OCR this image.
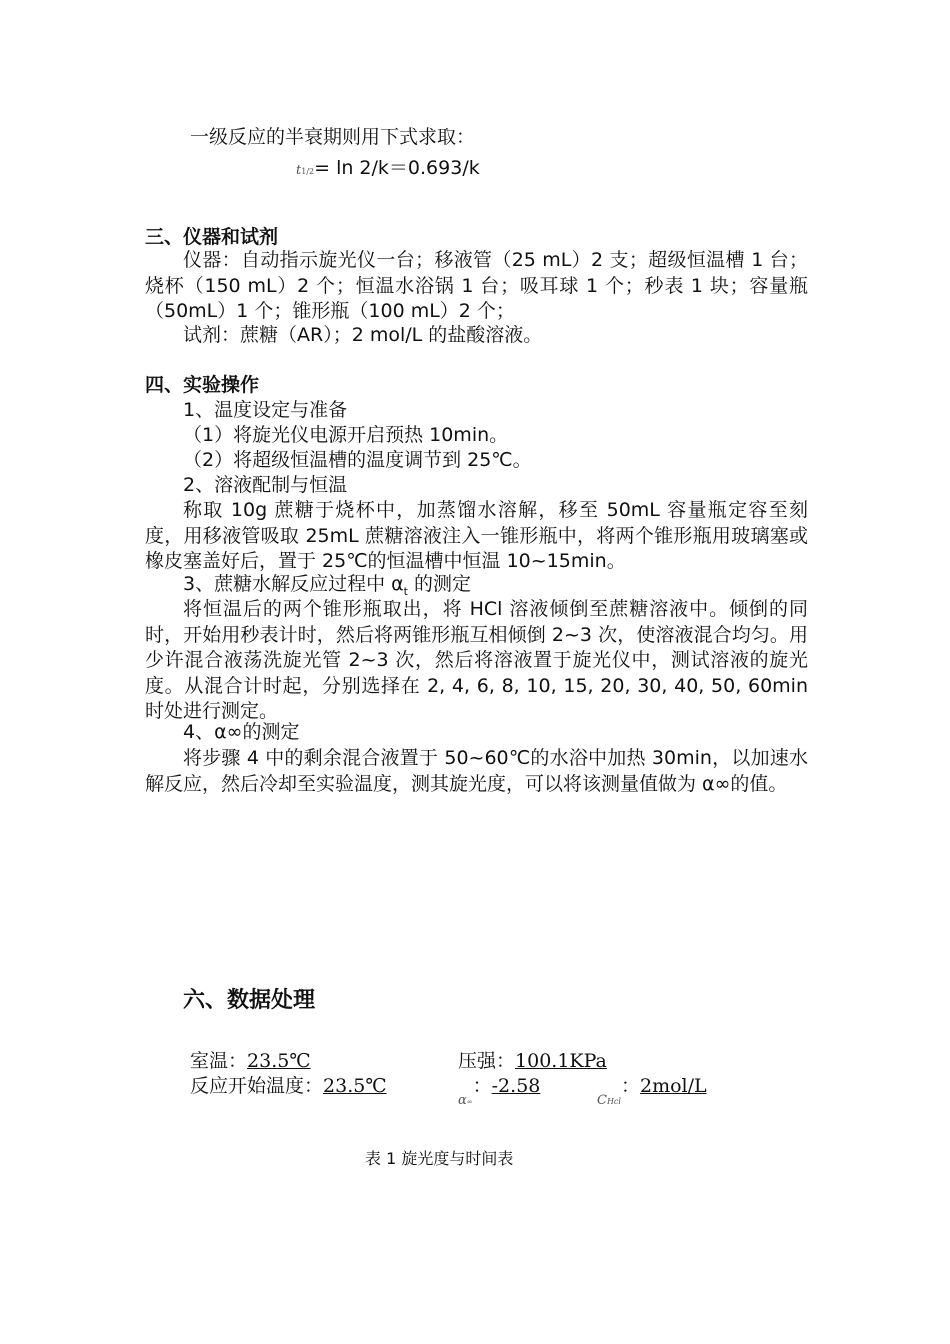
一级反应的半衰期则用下式求取：
t1/2= ln 2/k＝0.693/k
三、仪器和试剂
仪器：自动指示旋光仪一台；移液管（25 mL）2 支；超级恒温槽 1 台；烧杯（150 mL）2 个；恒温水浴锅 1 台；吸耳球 1 个；秒表 1 块；容量瓶（50mL）1 个；锥形瓶（100 mL）2 个；
试剂：蔗糖（AR）；2 mol/L 的盐酸溶液。
四、实验操作
1、温度设定与准备
（1）将旋光仪电源开启预热 10min。
（2）将超级恒温槽的温度调节到 25℃。
2、溶液配制与恒温
称取 10g 蔗糖于烧杯中，加蒸馏水溶解，移至 50mL 容量瓶定容至刻度，用移液管吸取 25mL 蔗糖溶液注入一锥形瓶中，将两个锥形瓶用玻璃塞或橡皮塞盖好后，置于 25℃的恒温槽中恒温 10~15min。
3、蔗糖水解反应过程中 $\alpha_t$ 的测定
将恒温后的两个锥形瓶取出，将 HCl 溶液倾倒至蔗糖溶液中。倾倒的同时，开始用秒表计时，然后将两锥形瓶互相倾倒 2~3 次，使溶液混合均匀。用少许混合液荡洗旋光管 2~3 次，然后将溶液置于旋光仪中，测试溶液的旋光度。从混合计时起，分别选择在 2, 4, 6, 8, 10, 15, 20, 30, 40, 50, 60min 时处进行测定。
4、α∞的测定
将步骤 4 中的剩余混合液置于 50~60℃的水浴中加热 30min，以加速水解反应，然后冷却至实验温度，测其旋光度，可以将该测量值做为 α∞的值。
六、数据处理
室温：23.5℃	压强：100.1KPa
反应开始温度：23.5℃
α∞：-2.58
CHcl：2mol/L
表 1 旋光度与时间表
